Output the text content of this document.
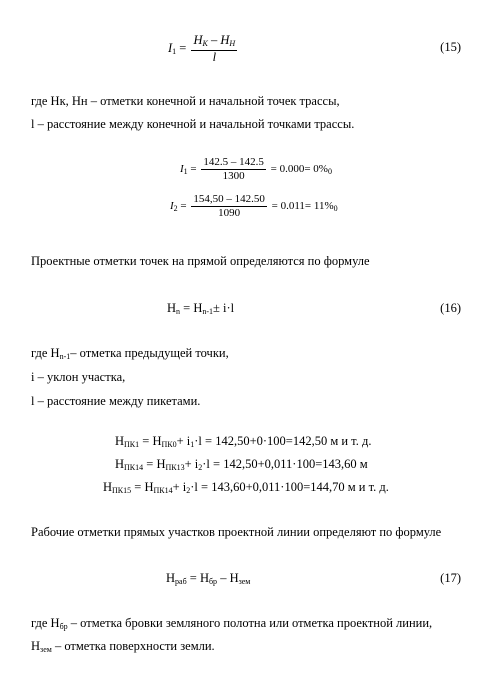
$I_1 = \frac{H_K - H_H}{l}$	(15)
где Нк, Нн – отметки конечной и начальной точек трассы,
l – расстояние между конечной и начальной точками трассы.
$I_1 = \frac{142.5 - 142.5}{1300} = 0.000= 0\%_0$
$I_2 = \frac{154,50 - 142.50}{1090} = 0.011= 11\%_0$
Проектные отметки точек на прямой определяются по формуле
$Н_n = Н_{n-1}\pm i\cdot l$	(16)
где $Н_{n-1}-$ отметка предыдущей точки,
i – уклон участка,
l – расстояние между пикетами.
$Н_{ПК1} = Н_{ПК0}+ i_1\cdot l = 142,50+0\cdot 100=142,50$ м и т. д.
$Н_{ПК14} = Н_{ПК13}+ i_2\cdot l = 142,50+0,011\cdot 100=143,60$ м
$Н_{ПК15} = Н_{ПК14}+ i_2\cdot l = 143,60+0,011\cdot 100=144,70$ м и т. д.
Рабочие отметки прямых участков проектной линии определяют по формуле
$Н_{раб} = Н_{бр} - Н_{зем}$	(17)
где $Н_{бр}$ – отметка бровки земляного полотна или отметка проектной линии,
$Н_{зем}$ – отметка поверхности земли.
